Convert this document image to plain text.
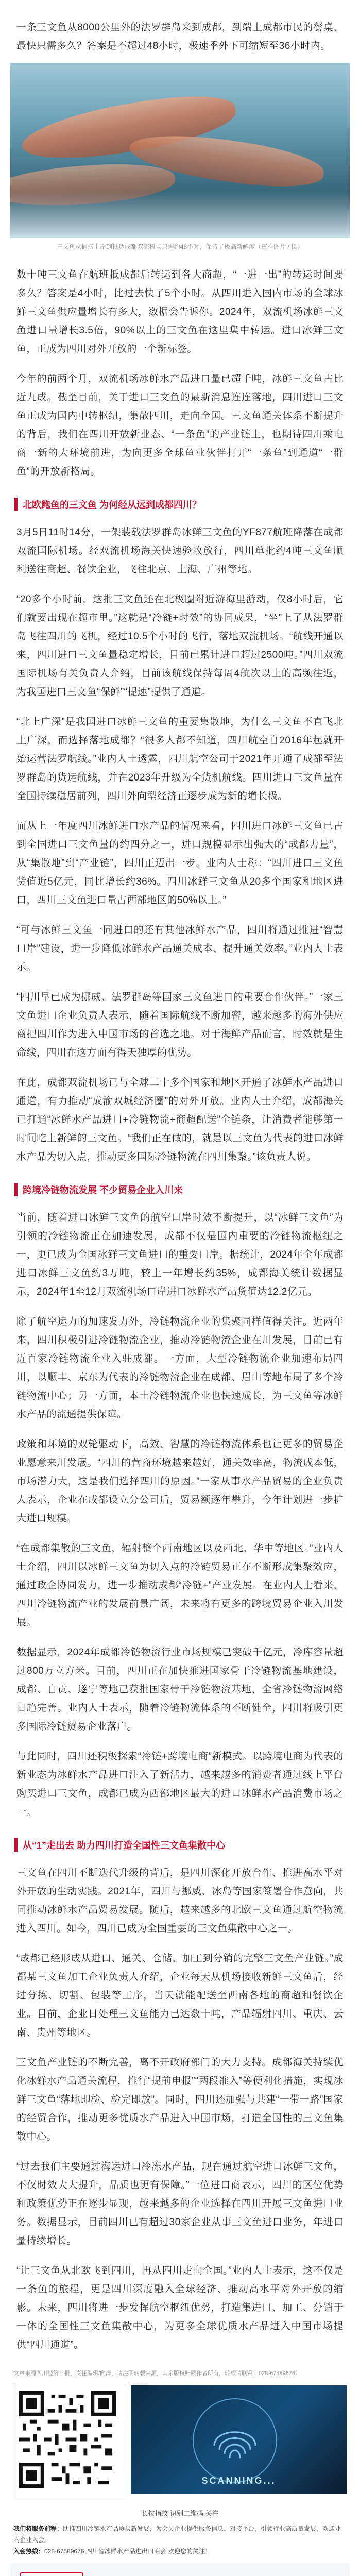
一条三文鱼从8000公里外的法罗群岛来到成都，到端上成都市民的餐桌，最快只需多久？答案是不超过48小时，极速季外下可缩短至36小时内。

三文鱼从捕捞上岸到抵达成都双流机场只需约48小时，保持了极高新鲜度（资料图片 / 摄）

数十吨三文鱼在航班抵成都后转运到各大商超，“一进一出”的转运时间要多久？答案是4小时，比过去快了5个小时。从四川进入国内市场的全球冰鲜三文鱼供应量增长有多大，数据会告诉你。2024年，双流机场冰鲜三文鱼进口量增长3.5倍，90%以上的三文鱼在这里集中转运。进口冰鲜三文鱼，正成为四川对外开放的一个新标签。

今年的前两个月，双流机场冰鲜水产品进口量已超千吨，冰鲜三文鱼占比近九成。截至目前，关于进口三文鱼的最新消息连连落地，四川进口三文鱼正成为国内中转枢纽，集散四川，走向全国。三文鱼通关体系不断提升的背后，我们在四川开放新业态、“一条鱼”的产业链上，也期待四川乘电商一新的大环境前进，为向更多全球鱼业伙伴打开“一条鱼”到通道“一群鱼”的开放新格局。

北欧鲍鱼的三文鱼 为何经从远到成都四川？

3月5日11时14分，一架装载法罗群岛冰鲜三文鱼的YF877航班降落在成都双流国际机场。经双流机场海关快速验收放行，四川单批约4吨三文鱼顺利送往商超、餐饮企业，飞往北京、上海、广州等地。

“20多个小时前，这批三文鱼还在北极圈附近游海里游动，仅8小时后，它们就要出现在超市里。”这就是“冷链+时效”的协同成果，“坐”上了从法罗群岛飞往四川的飞机，经过10.5个小时的飞行，落地双流机场。“航线开通以来，四川进口三文鱼量稳定增长，目前已累计进口超过2500吨。”四川双流国际机场有关负责人介绍，目前该航线保持每周4航次以上的高频往返，为我国进口三文鱼“保鲜”“提速”提供了通道。

“北上广深”是我国进口冰鲜三文鱼的重要集散地，为什么三文鱼不直飞北上广深，而选择落地成都？“很多人都不知道，四川航空自2016年起就开始运营法罗航线。”业内人士透露，四川航空公司于2021年开通了成都至法罗群岛的货运航线，并在2023年升级为全货机航线。四川进口三文鱼量在全国持续稳居前列，四川外向型经济正逐步成为新的增长极。

而从上一年度四川冰鲜进口水产品的情况来看，四川进口冰鲜三文鱼已占到全国进口三文鱼量的约四分之一，进口规模显示出强大的“成都力量”，从“集散地”到“产业链”，四川正迈出一步。业内人士称：“四川进口三文鱼货值近5亿元，同比增长约36%。四川冰鲜三文鱼从20多个国家和地区进口，四川三文鱼进口量占西部地区的50%以上。”

“可与冰鲜三文鱼一同进口的还有其他冰鲜水产品，四川将通过推进“智慧口岸”建设，进一步降低冰鲜水产品通关成本、提升通关效率。”业内人士表示。

“四川早已成为挪威、法罗群岛等国家三文鱼进口的重要合作伙伴。”一家三文鱼进口企业负责人表示，随着国际航线不断加密，越来越多的海外供应商把四川作为进入中国市场的首选之地。对于海鲜产品而言，时效就是生命线，四川在这方面有得天独厚的优势。

在此，成都双流机场已与全球二十多个国家和地区开通了冰鲜水产品进口通道，有力推动“成渝双城经济圈”的对外开放。业内人士介绍，成都海关已打通“冰鲜水产品进口+冷链物流+商超配送”全链条，让消费者能够第一时间吃上新鲜的三文鱼。“我们正在做的，就是以三文鱼为代表的进口冰鲜水产品为切入点，推动更多国际冷链物流在四川集聚。”该负责人说。

跨境冷链物流发展 不少贸易企业入川来

当前，随着进口冰鲜三文鱼的航空口岸时效不断提升，以“冰鲜三文鱼”为引领的冷链物流正在加速发展，成都不仅是国内重要的冷链物流枢纽之一，更已成为全国冰鲜三文鱼进口的重要口岸。据统计，2024年全年成都进口冰鲜三文鱼约3万吨，较上一年增长约35%，成都海关统计数据显示，2024年1至12月双流机场口岸进口冰鲜水产品货值达12.2亿元。

除了航空运力的加速发力外，冷链物流企业的集聚同样值得关注。近两年来，四川积极引进冷链物流企业，推动冷链物流企业在川发展，目前已有近百家冷链物流企业入驻成都。一方面，大型冷链物流企业加速布局四川，以顺丰、京东为代表的冷链物流企业在成都、眉山等地布局了多个冷链物流中心；另一方面，本土冷链物流企业也快速成长，为三文鱼等冰鲜水产品的流通提供保障。

政策和环境的双轮驱动下，高效、智慧的冷链物流体系也让更多的贸易企业愿意来川发展。“四川的营商环境越来越好，通关效率高，物流成本低，市场潜力大，这是我们选择四川的原因。”一家从事水产品贸易的企业负责人表示，企业在成都设立分公司后，贸易额逐年攀升，今年计划进一步扩大进口规模。

“在成都集散的三文鱼，辐射整个西南地区以及西北、华中等地区。”业内人士介绍，四川以冰鲜三文鱼为切入点的冷链贸易正在不断形成集聚效应，通过政企协同发力，进一步推动成都“冷链+”产业发展。在业内人士看来，四川冷链物流产业的发展前景广阔，未来将有更多的跨境贸易企业入川发展。

数据显示，2024年成都冷链物流行业市场规模已突破千亿元，冷库容量超过800万立方米。目前，四川正在加快推进国家骨干冷链物流基地建设，成都、自贡、遂宁等地已获批国家骨干冷链物流基地，全省冷链物流网络日趋完善。业内人士表示，随着冷链物流体系的不断健全，四川将吸引更多国际冷链贸易企业落户。

与此同时，四川还积极探索“冷链+跨境电商”新模式。以跨境电商为代表的新业态为冰鲜水产品进口注入了新活力，越来越多的消费者通过线上平台购买进口三文鱼，成都已成为西部地区最大的进口冰鲜水产品消费市场之一。

从“1”走出去 助力四川打造全国性三文鱼集散中心

三文鱼在四川不断迭代升级的背后，是四川深化开放合作、推进高水平对外开放的生动实践。2021年，四川与挪威、冰岛等国家签署合作意向，共同推动冰鲜水产品贸易发展。随后，越来越多的北欧三文鱼通过航空物流进入四川。如今，四川已成为全国重要的三文鱼集散中心之一。

“成都已经形成从进口、通关、仓储、加工到分销的完整三文鱼产业链。”成都某三文鱼加工企业负责人介绍，企业每天从机场接收新鲜三文鱼后，经过分拣、切割、包装等工序，当天就能配送至西南各地的商超和餐饮企业。目前，企业日处理三文鱼能力已达数十吨，产品辐射四川、重庆、云南、贵州等地区。

三文鱼产业链的不断完善，离不开政府部门的大力支持。成都海关持续优化冰鲜水产品通关流程，推行“提前申报”“两段准入”等便利化措施，实现冰鲜三文鱼“落地即检、检完即放”。同时，四川还加强与共建“一带一路”国家的经贸合作，推动更多优质水产品进入中国市场，打造全国性的三文鱼集散中心。

“过去我们主要通过海运进口冷冻水产品，现在通过航空进口冰鲜三文鱼，不仅时效大大提升，品质也更有保障。”一位进口商表示，四川的区位优势和政策优势正在逐步显现，越来越多的企业选择在四川开展三文鱼进口业务。数据显示，目前四川已有超过30家企业从事三文鱼进口业务，年进口量持续增长。

“让三文鱼从北欧飞到四川，再从四川走向全国。”业内人士表示，这不仅是一条鱼的旅程，更是四川深度融入全球经济、推动高水平对外开放的缩影。未来，四川将进一步发挥航空枢纽优势，打造集进口、加工、分销于一体的全国性三文鱼集散中心，为更多全球优质水产品进入中国市场提供“四川通道”。

文章来源四川经济日报，责任编辑/向洋，请注明转载来源，其余版权归原作者所有，转载请联系：028-67589676
SCANNING...
长按指纹 识别二维码 关注
我们将服务前程：助推四川冷链水产品贸易新发展，为会员企业提供服务信息、对接平台，引领行业高质量发展，欢迎业内企业入会。
入会热线：028-67589676 四川省冰鲜水产品进出口商会 欢迎您的关注！
